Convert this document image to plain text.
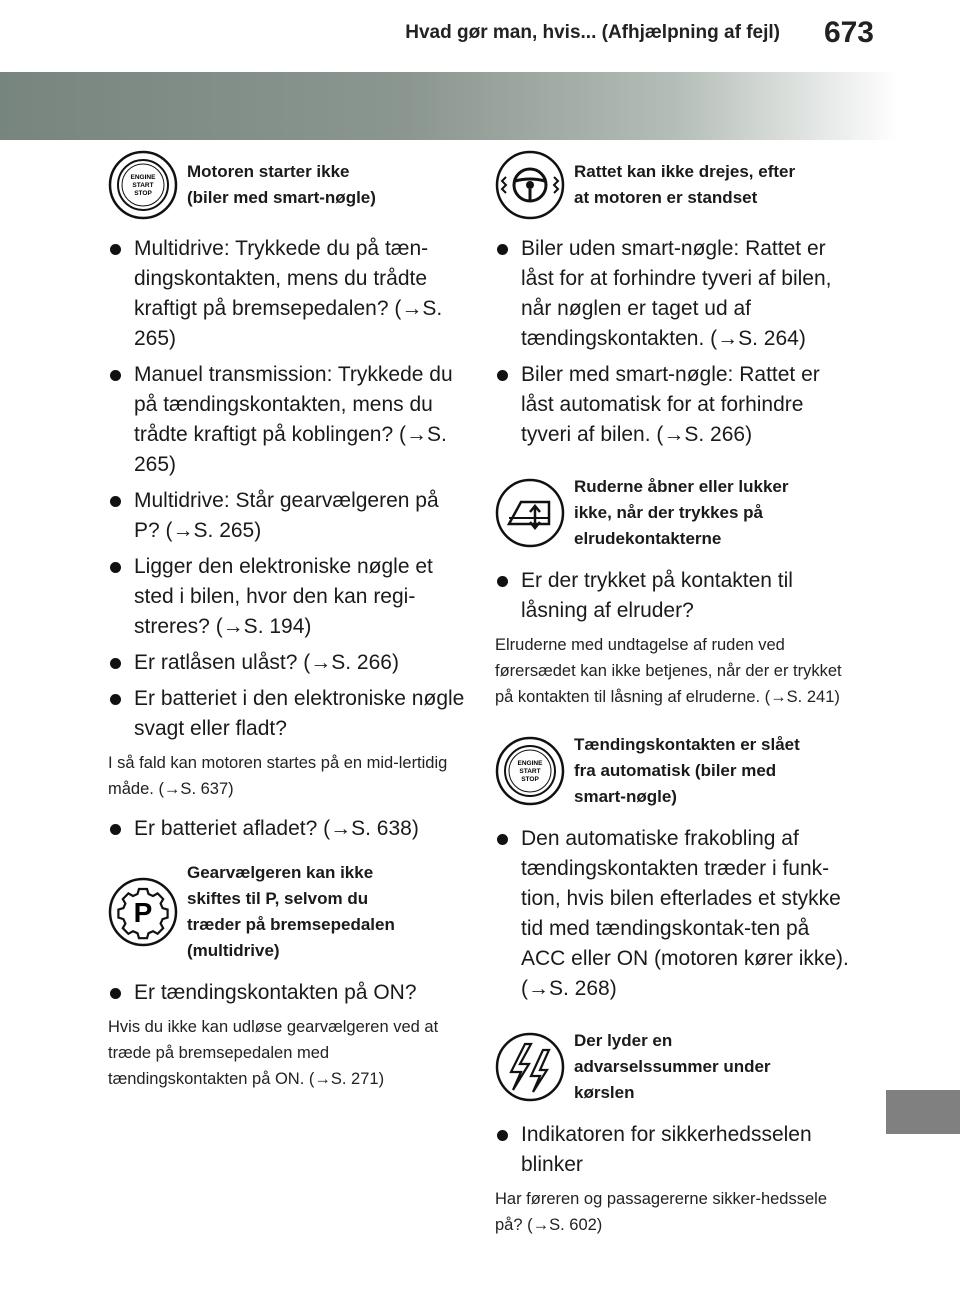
Hvad gør man, hvis... (Afhjælpning af fejl) 673
ENGINE
START
STOP
Motoren starter ikke
(biler med smart-nøgle)
Multidrive: Trykkede du på tæn-dingskontakten, mens du trådte kraftigt på bremsepedalen? (→S. 265)
Manuel transmission: Trykkede du på tændingskontakten, mens du trådte kraftigt på koblingen? (→S. 265)
Multidrive: Står gearvælgeren på P? (→S. 265)
Ligger den elektroniske nøgle et sted i bilen, hvor den kan regi-streres? (→S. 194)
Er ratlåsen ulåst? (→S. 266)
Er batteriet i den elektroniske nøgle svagt eller fladt?
I så fald kan motoren startes på en mid-lertidig måde. (→S. 637)
Er batteriet afladet? (→S. 638)
P
Gearvælgeren kan ikke
skiftes til P, selvom du
træder på bremsepedalen
(multidrive)
Er tændingskontakten på ON?
Hvis du ikke kan udløse gearvælgeren ved at træde på bremsepedalen med tændingskontakten på ON. (→S. 271)
Rattet kan ikke drejes, efter
at motoren er standset
Biler uden smart-nøgle: Rattet er låst for at forhindre tyveri af bilen, når nøglen er taget ud af tændingskontakten. (→S. 264)
Biler med smart-nøgle: Rattet er låst automatisk for at forhindre tyveri af bilen. (→S. 266)
Ruderne åbner eller lukker
ikke, når der trykkes på
elrudekontakterne
Er der trykket på kontakten til låsning af elruder?
Elruderne med undtagelse af ruden ved førersædet kan ikke betjenes, når der er trykket på kontakten til låsning af elruderne. (→S. 241)
ENGINE
START
STOP
Tændingskontakten er slået
fra automatisk (biler med
smart-nøgle)
Den automatiske frakobling af tændingskontakten træder i funk-tion, hvis bilen efterlades et stykke tid med tændingskontak-ten på ACC eller ON (motoren kører ikke). (→S. 268)
Der lyder en
advarselssummer under
kørslen
Indikatoren for sikkerhedsselen blinker
Har føreren og passagererne sikker-hedssele på? (→S. 602)
